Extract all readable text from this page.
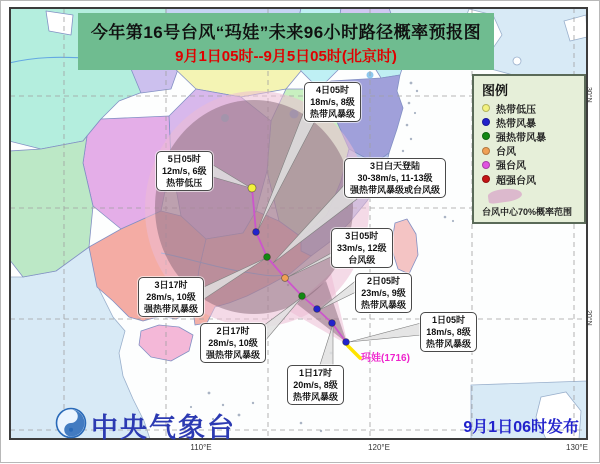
今年第16号台风“玛娃”未来96小时路径概率预报图
9月1日05时--9月5日05时(北京时)
图例
热带低压
热带风暴
强热带风暴
台风
强台风
超强台风
台风中心70%概率范围
1日05时
18m/s, 8级
热带风暴级
1日17时
20m/s, 8级
热带风暴级
2日05时
23m/s, 9级
热带风暴级
2日17时
28m/s, 10级
强热带风暴级
3日05时
33m/s, 12级
台风级
3日17时
28m/s, 10级
强热带风暴级
4日05时
18m/s, 8级
热带风暴级
5日05时
12m/s, 6级
热带低压
3日白天登陆
30-38m/s, 11-13级
强热带风暴级或台风级
玛娃(1716)
中央气象台	9月1日06时发布
110°E	120°E	130°E
30°N
20°N
